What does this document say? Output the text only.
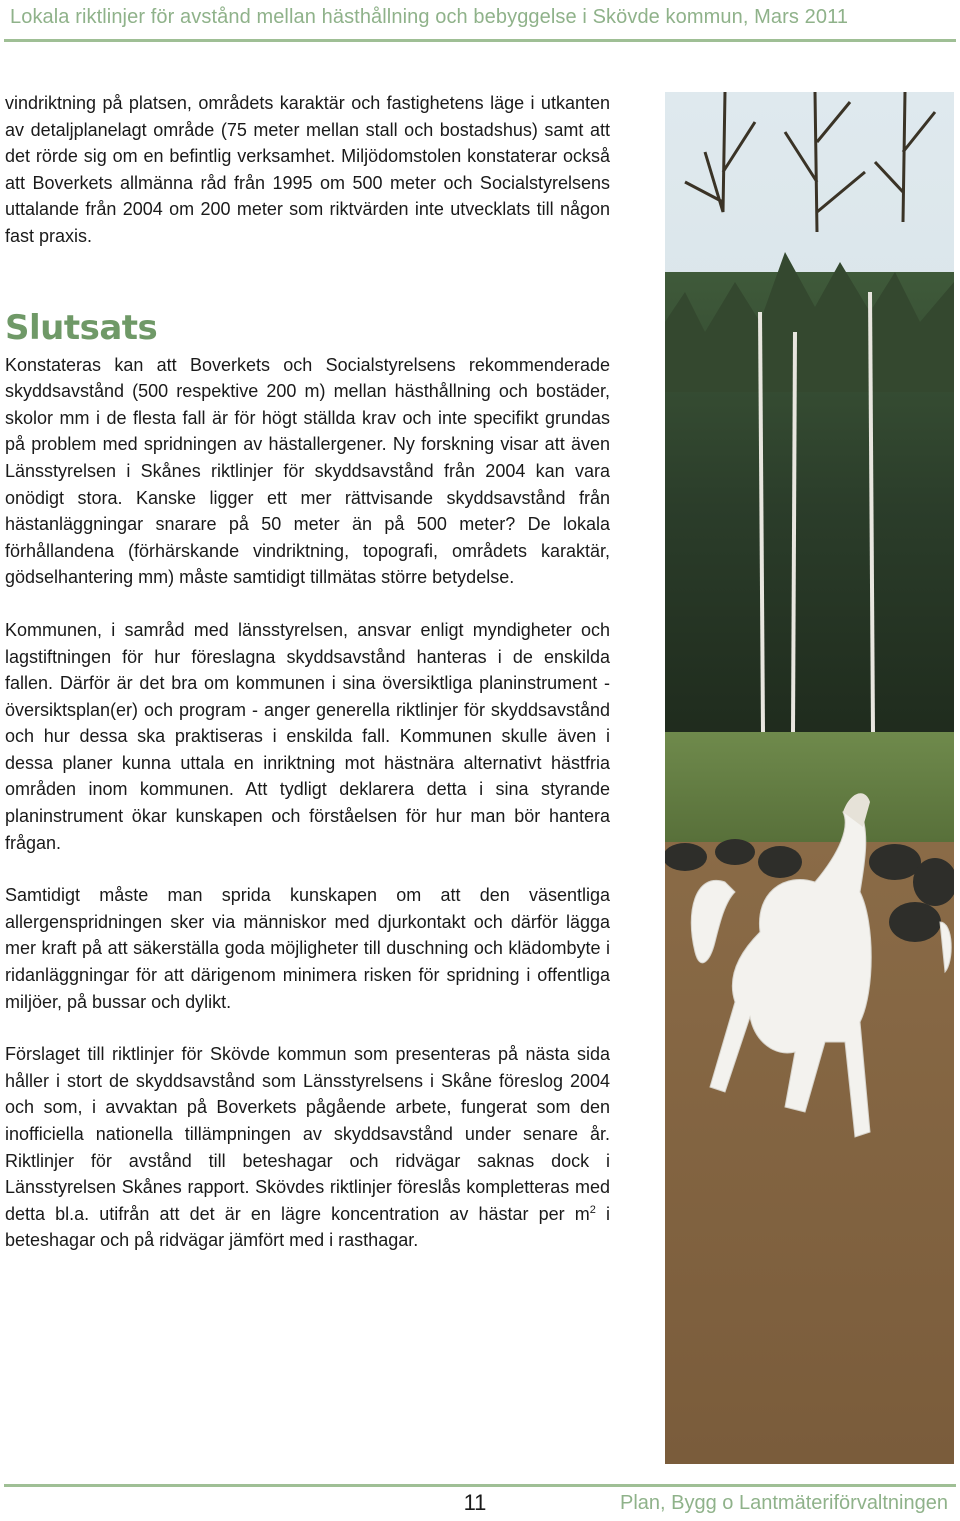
Lokala riktlinjer för avstånd mellan hästhållning och bebyggelse i Skövde kommun, Mars 2011

vindriktning på platsen, områdets karaktär och fastighetens läge i utkanten av detaljplanelagt område (75 meter mellan stall och bostadshus) samt att det rörde sig om en befintlig verksamhet. Miljödomstolen konstaterar också att Boverkets allmänna råd från 1995 om 500 meter och Socialstyrelsens uttalande från 2004 om 200 meter som riktvärden inte utvecklats till någon fast praxis.

Slutsats

Konstateras kan att Boverkets och Socialstyrelsens rekommenderade skyddsavstånd (500 respektive 200 m) mellan hästhållning och bostäder, skolor mm i de flesta fall är för högt ställda krav och inte specifikt grundas på problem med spridningen av hästallergener. Ny forskning visar att även Länsstyrelsen i Skånes riktlinjer för skyddsavstånd från 2004 kan vara onödigt stora. Kanske ligger ett mer rättvisande skyddsavstånd från hästanläggningar snarare på 50 meter än på 500 meter? De lokala förhållandena (förhärskande vindriktning, topografi, områdets karaktär, gödselhantering mm) måste samtidigt tillmätas större betydelse.

Kommunen, i samråd med länsstyrelsen, ansvar enligt myndigheter och lagstiftningen för hur föreslagna skyddsavstånd hanteras i de enskilda fallen. Därför är det bra om kommunen i sina översiktliga planinstrument - översiktsplan(er) och program - anger generella riktlinjer för skyddsavstånd och hur dessa ska praktiseras i enskilda fall. Kommunen skulle även i dessa planer kunna uttala en inriktning mot hästnära alternativt hästfria områden inom kommunen. Att tydligt deklarera detta i sina styrande planinstrument ökar kunskapen och förståelsen för hur man bör hantera frågan.

Samtidigt måste man sprida kunskapen om att den väsentliga allergenspridningen sker via människor med djurkontakt och därför lägga mer kraft på att säkerställa goda möjligheter till duschning och klädombyte i ridanläggningar för att därigenom minimera risken för spridning i offentliga miljöer, på bussar och dylikt.

Förslaget till riktlinjer för Skövde kommun som presenteras på nästa sida håller i stort de skyddsavstånd som Länsstyrelsens i Skåne föreslog 2004 och som, i avvaktan på Boverkets pågående arbete, fungerat som den inofficiella nationella tillämpningen av skyddsavstånd under senare år. Riktlinjer för avstånd till beteshagar och ridvägar saknas dock i Länsstyrelsen Skånes rapport. Skövdes riktlinjer föreslås kompletteras med detta bl.a. utifrån att det är en lägre koncentration av hästar per $m^2$ i beteshagar och på ridvägar jämfört med i rasthagar.

11	Plan, Bygg o Lantmäteriförvaltningen
